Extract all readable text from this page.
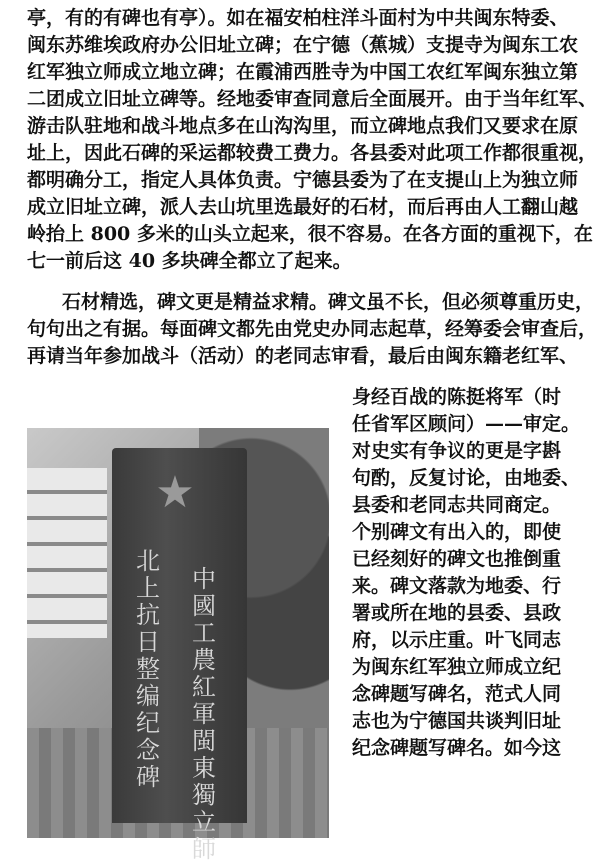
亭，有的有碑也有亭）。如在福安柏柱洋斗面村为中共闽东特委、
闽东苏维埃政府办公旧址立碑；在宁德（蕉城）支提寺为闽东工农
红军独立师成立地立碑；在霞浦西胜寺为中国工农红军闽东独立第
二团成立旧址立碑等。经地委审查同意后全面展开。由于当年红军、
游击队驻地和战斗地点多在山沟沟里，而立碑地点我们又要求在原
址上，因此石碑的采运都较费工费力。各县委对此项工作都很重视，
都明确分工，指定人具体负责。宁德县委为了在支提山上为独立师
成立旧址立碑，派人去山坑里选最好的石材，而后再由人工翻山越
岭抬上 800 多米的山头立起来，很不容易。在各方面的重视下，在
七一前后这 40 多块碑全都立了起来。
石材精选，碑文更是精益求精。碑文虽不长，但必须尊重历史，
句句出之有据。每面碑文都先由党史办同志起草，经筹委会审查后，
再请当年参加战斗（活动）的老同志审看，最后由闽东籍老红军、
身经百战的陈挺将军（时
任省军区顾问）——审定。
对史实有争议的更是字斟
句酌，反复讨论，由地委、
县委和老同志共同商定。
个别碑文有出入的，即使
已经刻好的碑文也推倒重
来。碑文落款为地委、行
署或所在地的县委、县政
府，以示庄重。叶飞同志
为闽东红军独立师成立纪
念碑题写碑名，范式人同
志也为宁德国共谈判旧址
纪念碑题写碑名。如今这
★
北上抗日整编纪念碑
中國工農紅軍閩東獨立師
